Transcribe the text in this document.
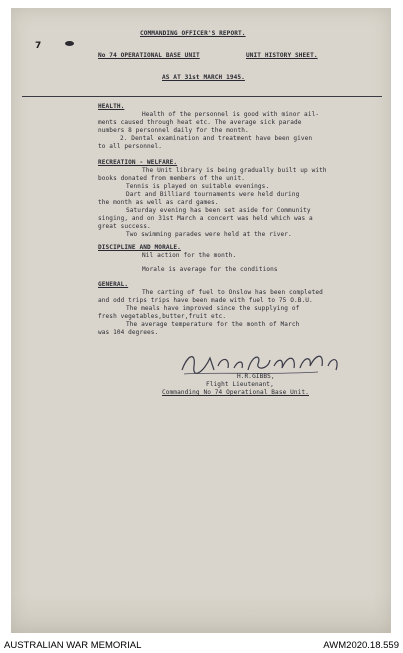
7
COMMANDING OFFICER'S REPORT.
No 74 OPERATIONAL BASE UNIT	UNIT HISTORY SHEET.
AS AT 31st MARCH 1945.
HEALTH.
Health of the personnel is good with minor ail-
ments caused through heat etc. The average sick parade
numbers 8 personnel daily for the month.
2. Dental examination and treatment have been given
to all personnel.
RECREATION - WELFARE.
The Unit library is being gradually built up with
books donated from members of the unit.
Tennis is played on suitable evenings.
Dart and Billiard tournaments were held during
the month as well as card games.
Saturday evening has been set aside for Community
singing, and on 31st March a concert was held which was a
great success.
Two swimming parades were held at the river.
DISCIPLINE AND MORALE.
Nil action for the month.
Morale is average for the conditions
GENERAL.
The carting of fuel to Onslow has been completed
and odd trips trips have been made with fuel to 75 O.B.U.
The meals have improved since the supplying of
fresh vegetables,butter,fruit etc.
The average temperature for the month of March
was 104 degrees.
H.R.GIBBS,
Flight Lieutenant,
Commanding No 74 Operational Base Unit.
AUSTRALIAN WAR MEMORIAL	AWM2020.18.559
